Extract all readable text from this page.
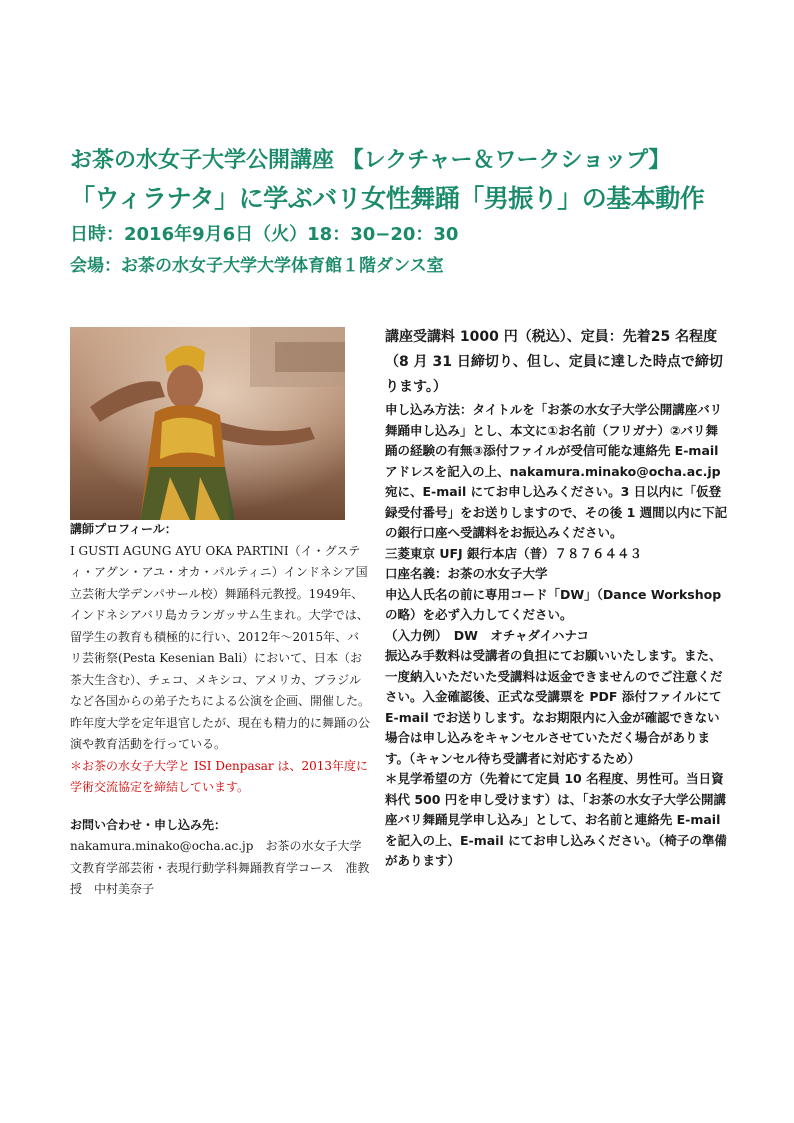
お茶の水女子大学公開講座 【レクチャー＆ワークショップ】
「ウィラナタ」に学ぶバリ女性舞踊「男振り」の基本動作
日時：2016年9月6日（火）18：30−20：30
会場：お茶の水女子大学大学体育館１階ダンス室
講師プロフィール：
I GUSTI AGUNG AYU OKA PARTINI（イ・グスティ・アグン・アユ・オカ・パルティニ）インドネシア国立芸術大学デンパサール校）舞踊科元教授。1949年、インドネシアバリ島カランガッサム生まれ。大学では、留学生の教育も積極的に行い、2012年～2015年、バリ芸術祭(Pesta Kesenian Bali）において、日本（お茶大生含む）、チェコ、メキシコ、アメリカ、ブラジルなど各国からの弟子たちによる公演を企画、開催した。昨年度大学を定年退官したが、現在も精力的に舞踊の公演や教育活動を行っている。
＊お茶の水女子大学と ISI Denpasar は、2013年度に学術交流協定を締結しています。
お問い合わせ・申し込み先：
nakamura.minako@ocha.ac.jp　お茶の水女子大学文教育学部芸術・表現行動学科舞踊教育学コース　准教授　中村美奈子

講座受講料 1000 円（税込）、定員：先着25 名程度（8 月 31 日締切り、但し、定員に達した時点で締切ります。）

申し込み方法：タイトルを「お茶の水女子大学公開講座バリ舞踊申し込み」とし、本文に①お名前（フリガナ）②バリ舞踊の経験の有無③添付ファイルが受信可能な連絡先 E-mail アドレスを記入の上、nakamura.minako@ocha.ac.jp 宛に、E-mail にてお申し込みください。3 日以内に「仮登録受付番号」をお送りしますので、その後 1 週間以内に下記の銀行口座へ受講料をお振込みください。

三菱東京 UFJ 銀行本店（普）７８７６４４３

口座名義：お茶の水女子大学

申込人氏名の前に専用コード「DW」（Dance Workshop の略）を必ず入力してください。

（入力例）　DW　オチャダイハナコ

振込み手数料は受講者の負担にてお願いいたします。また、一度納入いただいた受講料は返金できませんのでご注意ください。入金確認後、正式な受講票を PDF 添付ファイルにて E-mail でお送りします。なお期限内に入金が確認できない場合は申し込みをキャンセルさせていただく場合があります。（キャンセル待ち受講者に対応するため）

＊見学希望の方（先着にて定員 10 名程度、男性可。当日資料代 500 円を申し受けます）は、「お茶の水女子大学公開講座バリ舞踊見学申し込み」として、お名前と連絡先 E-mail を記入の上、E-mail にてお申し込みください。（椅子の準備があります）
